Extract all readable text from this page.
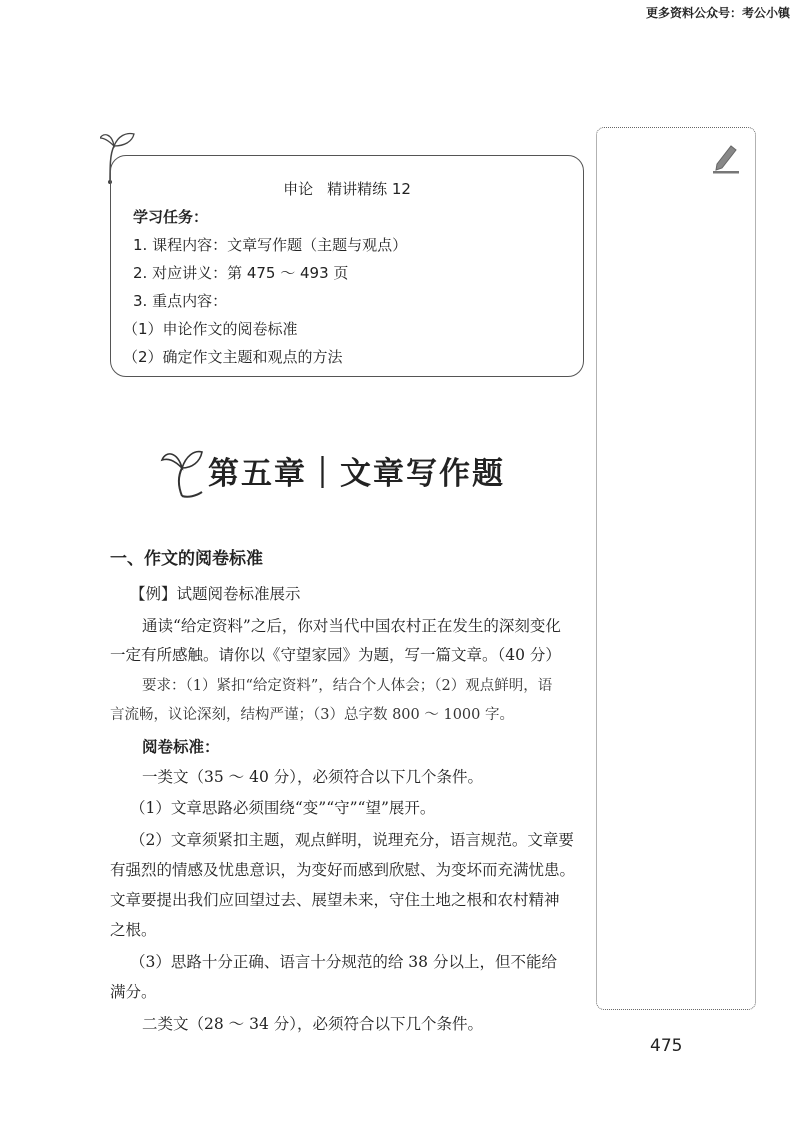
更多资料公众号：考公小镇
申论 精讲精练 12
学习任务：
1. 课程内容：文章写作题（主题与观点）
2. 对应讲义：第 475 ～ 493 页
3. 重点内容：
（1）申论作文的阅卷标准
（2）确定作文主题和观点的方法
第五章｜文章写作题
一、作文的阅卷标准
【例】试题阅卷标准展示
通读“给定资料”之后，你对当代中国农村正在发生的深刻变化
一定有所感触。请你以《守望家园》为题，写一篇文章。（40 分）
要求：（1）紧扣“给定资料”，结合个人体会；（2）观点鲜明，语
言流畅，议论深刻，结构严谨；（3）总字数 800 ～ 1000 字。
阅卷标准：
一类文（35 ～ 40 分），必须符合以下几个条件。
（1）文章思路必须围绕“变”“守”“望”展开。
（2）文章须紧扣主题，观点鲜明，说理充分，语言规范。文章要
有强烈的情感及忧患意识，为变好而感到欣慰、为变坏而充满忧患。
文章要提出我们应回望过去、展望未来，守住土地之根和农村精神
之根。
（3）思路十分正确、语言十分规范的给 38 分以上，但不能给
满分。
二类文（28 ～ 34 分），必须符合以下几个条件。
475
